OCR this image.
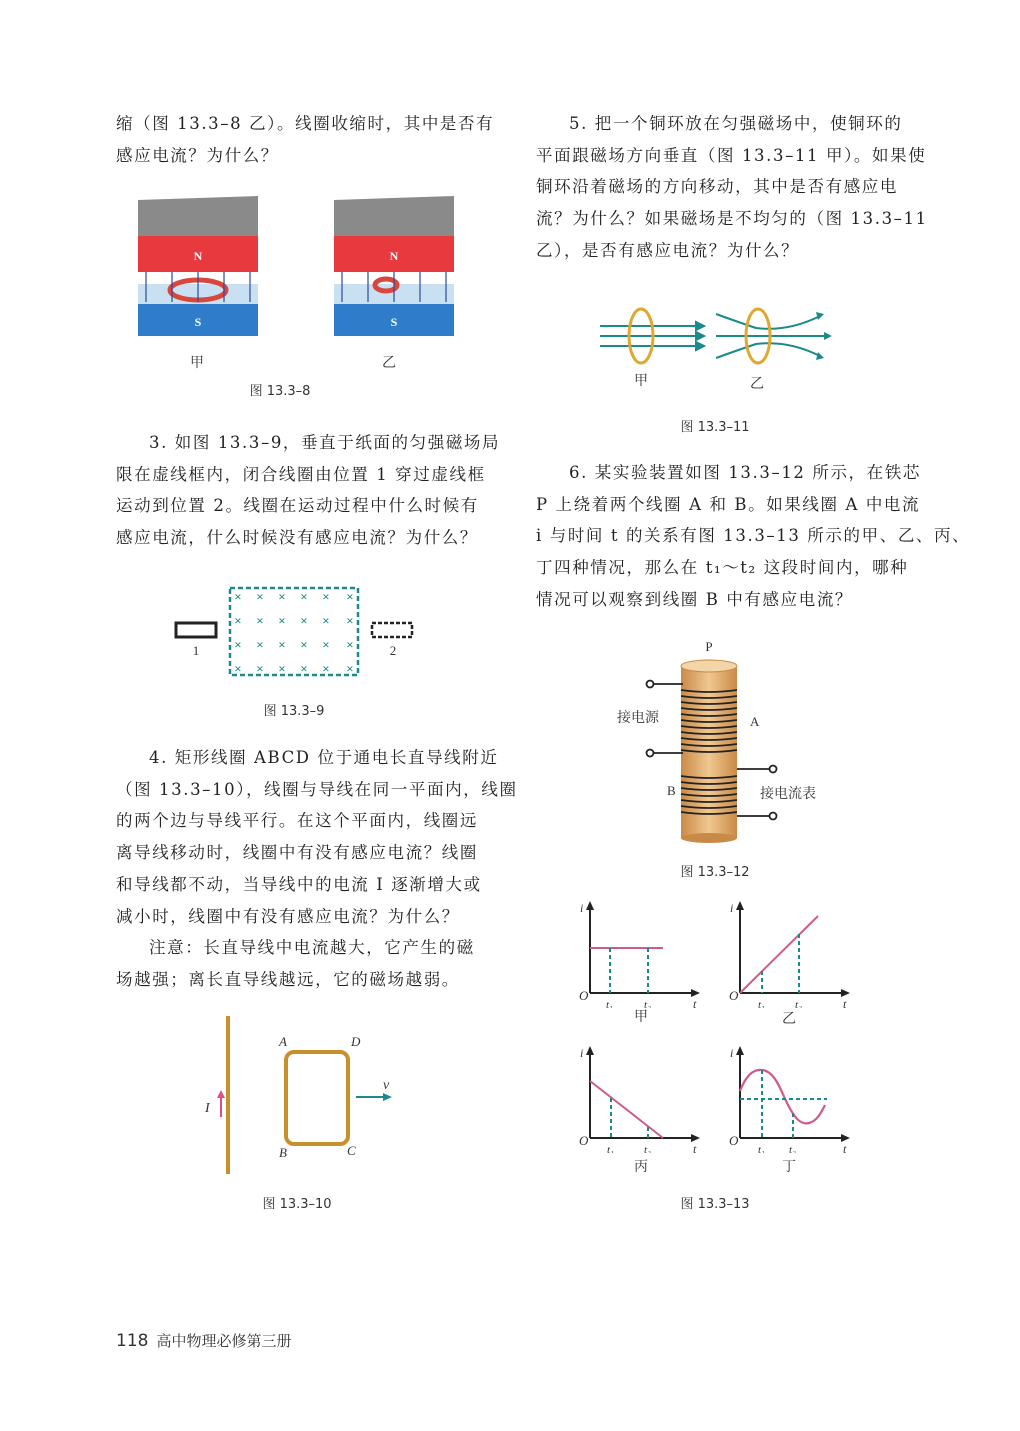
缩（图 13.3–8 乙）。线圈收缩时，其中是否有
感应电流？为什么？
N
S
N
S
甲	乙
图 13.3–8
3. 如图 13.3–9，垂直于纸面的匀强磁场局
限在虚线框内，闭合线圈由位置 1 穿过虚线框
运动到位置 2。线圈在运动过程中什么时候有
感应电流，什么时候没有感应电流？为什么？
1
× × × × × ×
× × × × × ×
× × × × × ×
× × × × × ×
2
图 13.3–9
4. 矩形线圈 ABCD 位于通电长直导线附近
（图 13.3–10），线圈与导线在同一平面内，线圈
的两个边与导线平行。在这个平面内，线圈远
离导线移动时，线圈中有没有感应电流？线圈
和导线都不动，当导线中的电流 I 逐渐增大或
减小时，线圈中有没有感应电流？为什么？
注意：长直导线中电流越大，它产生的磁
场越强；离长直导线越远，它的磁场越弱。
I
A	D
B	C
v
图 13.3–10
5. 把一个铜环放在匀强磁场中，使铜环的
平面跟磁场方向垂直（图 13.3–11 甲）。如果使
铜环沿着磁场的方向移动，其中是否有感应电
流？为什么？如果磁场是不均匀的（图 13.3–11
乙），是否有感应电流？为什么？
甲	乙
图 13.3–11
6. 某实验装置如图 13.3–12 所示，在铁芯
P 上绕着两个线圈 A 和 B。如果线圈 A 中电流
i 与时间 t 的关系有图 13.3–13 所示的甲、乙、丙、
丁四种情况，那么在 t₁～t₂ 这段时间内，哪种
情况可以观察到线圈 B 中有感应电流？
P
接电源	A
B	接电流表
图 13.3–12
i
O
t₁	t₂	t
甲
i
O
t₁	t₂	t
乙
i
O
t₁	t₂	t
丙
i
O
t₁ t₂	t
丁
图 13.3–13
118 高中物理必修第三册
